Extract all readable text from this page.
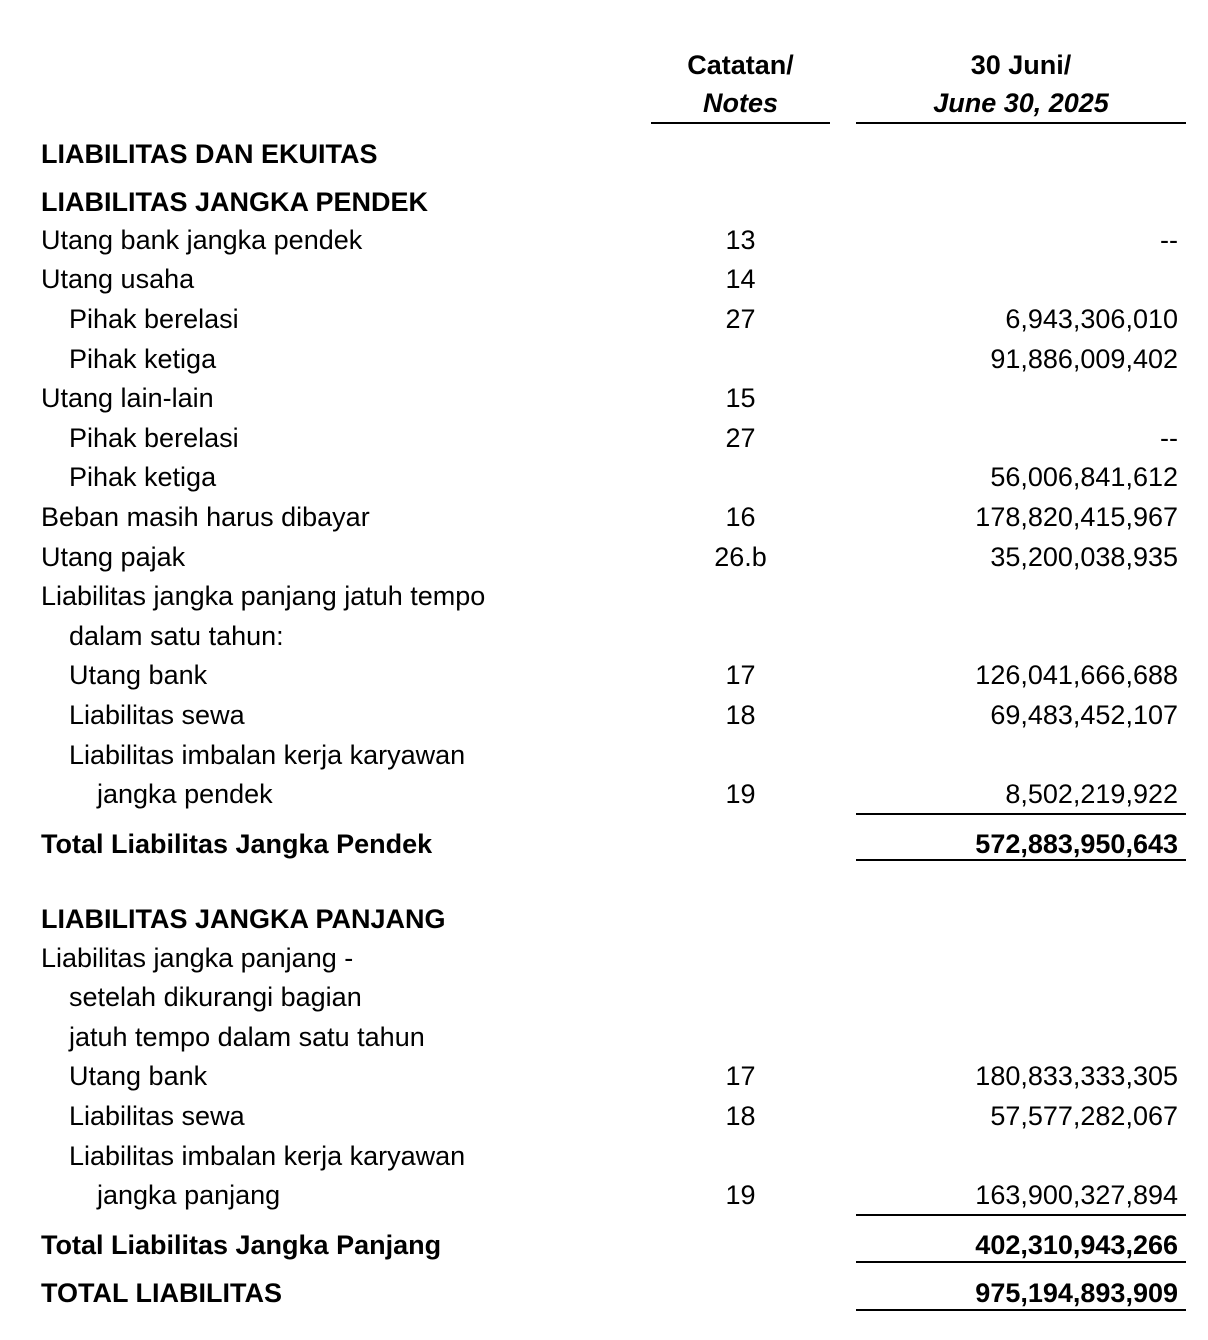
Catatan/
Notes
30 Juni/
June 30, 2025
LIABILITAS DAN EKUITAS
LIABILITAS JANGKA PENDEK
Utang bank jangka pendek	13	--
Utang usaha	14
Pihak berelasi	27	6,943,306,010
Pihak ketiga	91,886,009,402
Utang lain-lain	15
Pihak berelasi	27	--
Pihak ketiga	56,006,841,612
Beban masih harus dibayar	16	178,820,415,967
Utang pajak	26.b	35,200,038,935
Liabilitas jangka panjang jatuh tempo
dalam satu tahun:
Utang bank	17	126,041,666,688
Liabilitas sewa	18	69,483,452,107
Liabilitas imbalan kerja karyawan
jangka pendek	19	8,502,219,922
Total Liabilitas Jangka Pendek	572,883,950,643
LIABILITAS JANGKA PANJANG
Liabilitas jangka panjang -
setelah dikurangi bagian
jatuh tempo dalam satu tahun
Utang bank	17	180,833,333,305
Liabilitas sewa	18	57,577,282,067
Liabilitas imbalan kerja karyawan
jangka panjang	19	163,900,327,894
Total Liabilitas Jangka Panjang	402,310,943,266
TOTAL LIABILITAS	975,194,893,909
